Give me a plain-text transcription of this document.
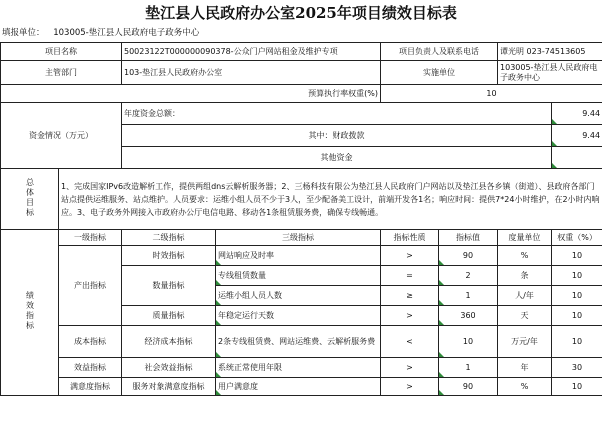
垫江县人民政府办公室2025年项目绩效目标表
填报单位： 103005-垫江县人民政府电子政务中心
项目名称		50023122T000000090378-公众门户网站租金及维护专项		项目负责人及联系电话		谭光明 023-74513605	
主管部门		103-垫江县人民政府办公室		实施单位		103005-垫江县人民政府电子政务中心	
预算执行率权重(%)				10			
资金情况（万元）		年度资金总额：					9.44
		其中：财政拨款					9.44
		其他资金					
总体目标	1、完成国家IPv6改造解析工作，提供两组dns云解析服务器；2、三杨科技有限公为垫江县人民政府门户网站以及垫江县各乡镇（街道）、县政府各部门站点提供运维服务、站点维护。人员要求：运维小组人员不少于3人，至少配备美工设计，前端开发各1名；响应时间：提供7*24小时维护，在2小时内响应。3、电子政务外网接入市政府办公厅电信电路、移动各1条租赁服务费，确保专线畅通。						
绩效指标	一级指标	二级指标	三级指标	指标性质	指标值	度量单位	权重（%）
	产出指标	时效指标	网站响应及时率	>	90	%	10
		数量指标	专线租赁数量	=	2	条	10
			运维小组人员人数	≥	1	人/年	10
		质量指标	年稳定运行天数	>	360	天	10
	成本指标	经济成本指标	2条专线租赁费、网站运维费、云解析服务费	<	10	万元/年	10
	效益指标	社会效益指标	系统正常使用年限	>	1	年	30
	满意度指标	服务对象满意度指标	用户满意度	>	90	%	10
